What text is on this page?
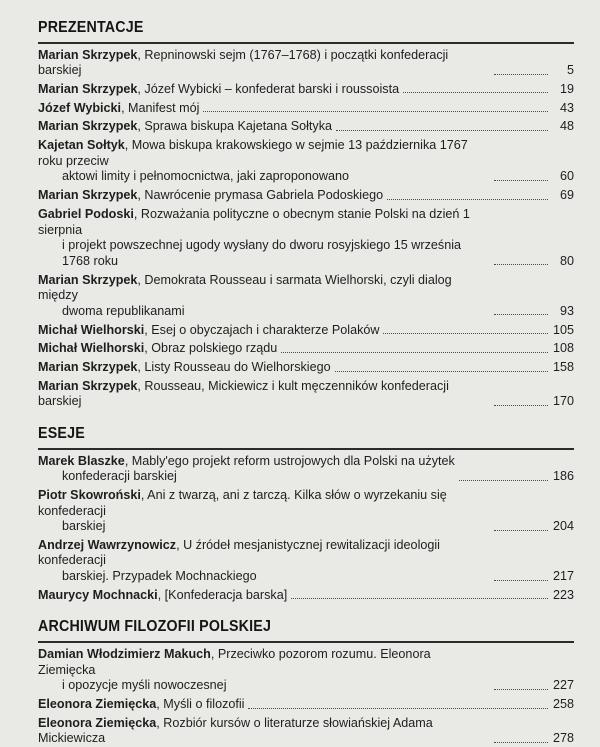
PREZENTACJE
Marian Skrzypek, Repninowski sejm (1767–1768) i początki konfederacji barskiej	5
Marian Skrzypek, Józef Wybicki – konfederat barski i roussoista	19
Józef Wybicki, Manifest mój	43
Marian Skrzypek, Sprawa biskupa Kajetana Sołtyka	48
Kajetan Sołtyk, Mowa biskupa krakowskiego w sejmie 13 października 1767 roku przeciw
aktowi limity i pełnomocnictwa, jaki zaproponowano	60
Marian Skrzypek, Nawrócenie prymasa Gabriela Podoskiego	69
Gabriel Podoski, Rozważania polityczne o obecnym stanie Polski na dzień 1 sierpnia
i projekt powszechnej ugody wysłany do dworu rosyjskiego 15 września 1768 roku	80
Marian Skrzypek, Demokrata Rousseau i sarmata Wielhorski, czyli dialog między
dwoma republikanami	93
Michał Wielhorski, Esej o obyczajach i charakterze Polaków	105
Michał Wielhorski, Obraz polskiego rządu	108
Marian Skrzypek, Listy Rousseau do Wielhorskiego	158
Marian Skrzypek, Rousseau, Mickiewicz i kult męczenników konfederacji barskiej	170
ESEJE
Marek Blaszke, Mably'ego projekt reform ustrojowych dla Polski na użytek
konfederacji barskiej	186
Piotr Skowroński, Ani z twarzą, ani z tarczą. Kilka słów o wyrzekaniu się konfederacji
barskiej	204
Andrzej Wawrzynowicz, U źródeł mesjanistycznej rewitalizacji ideologii konfederacji
barskiej. Przypadek Mochnackiego	217
Maurycy Mochnacki, [Konfederacja barska]	223
ARCHIWUM FILOZOFII POLSKIEJ
Damian Włodzimierz Makuch, Przeciwko pozorom rozumu. Eleonora Ziemięcka
i opozycje myśli nowoczesnej	227
Eleonora Ziemięcka, Myśli o filozofii	258
Eleonora Ziemięcka, Rozbiór kursów o literaturze słowiańskiej Adama Mickiewicza	278
